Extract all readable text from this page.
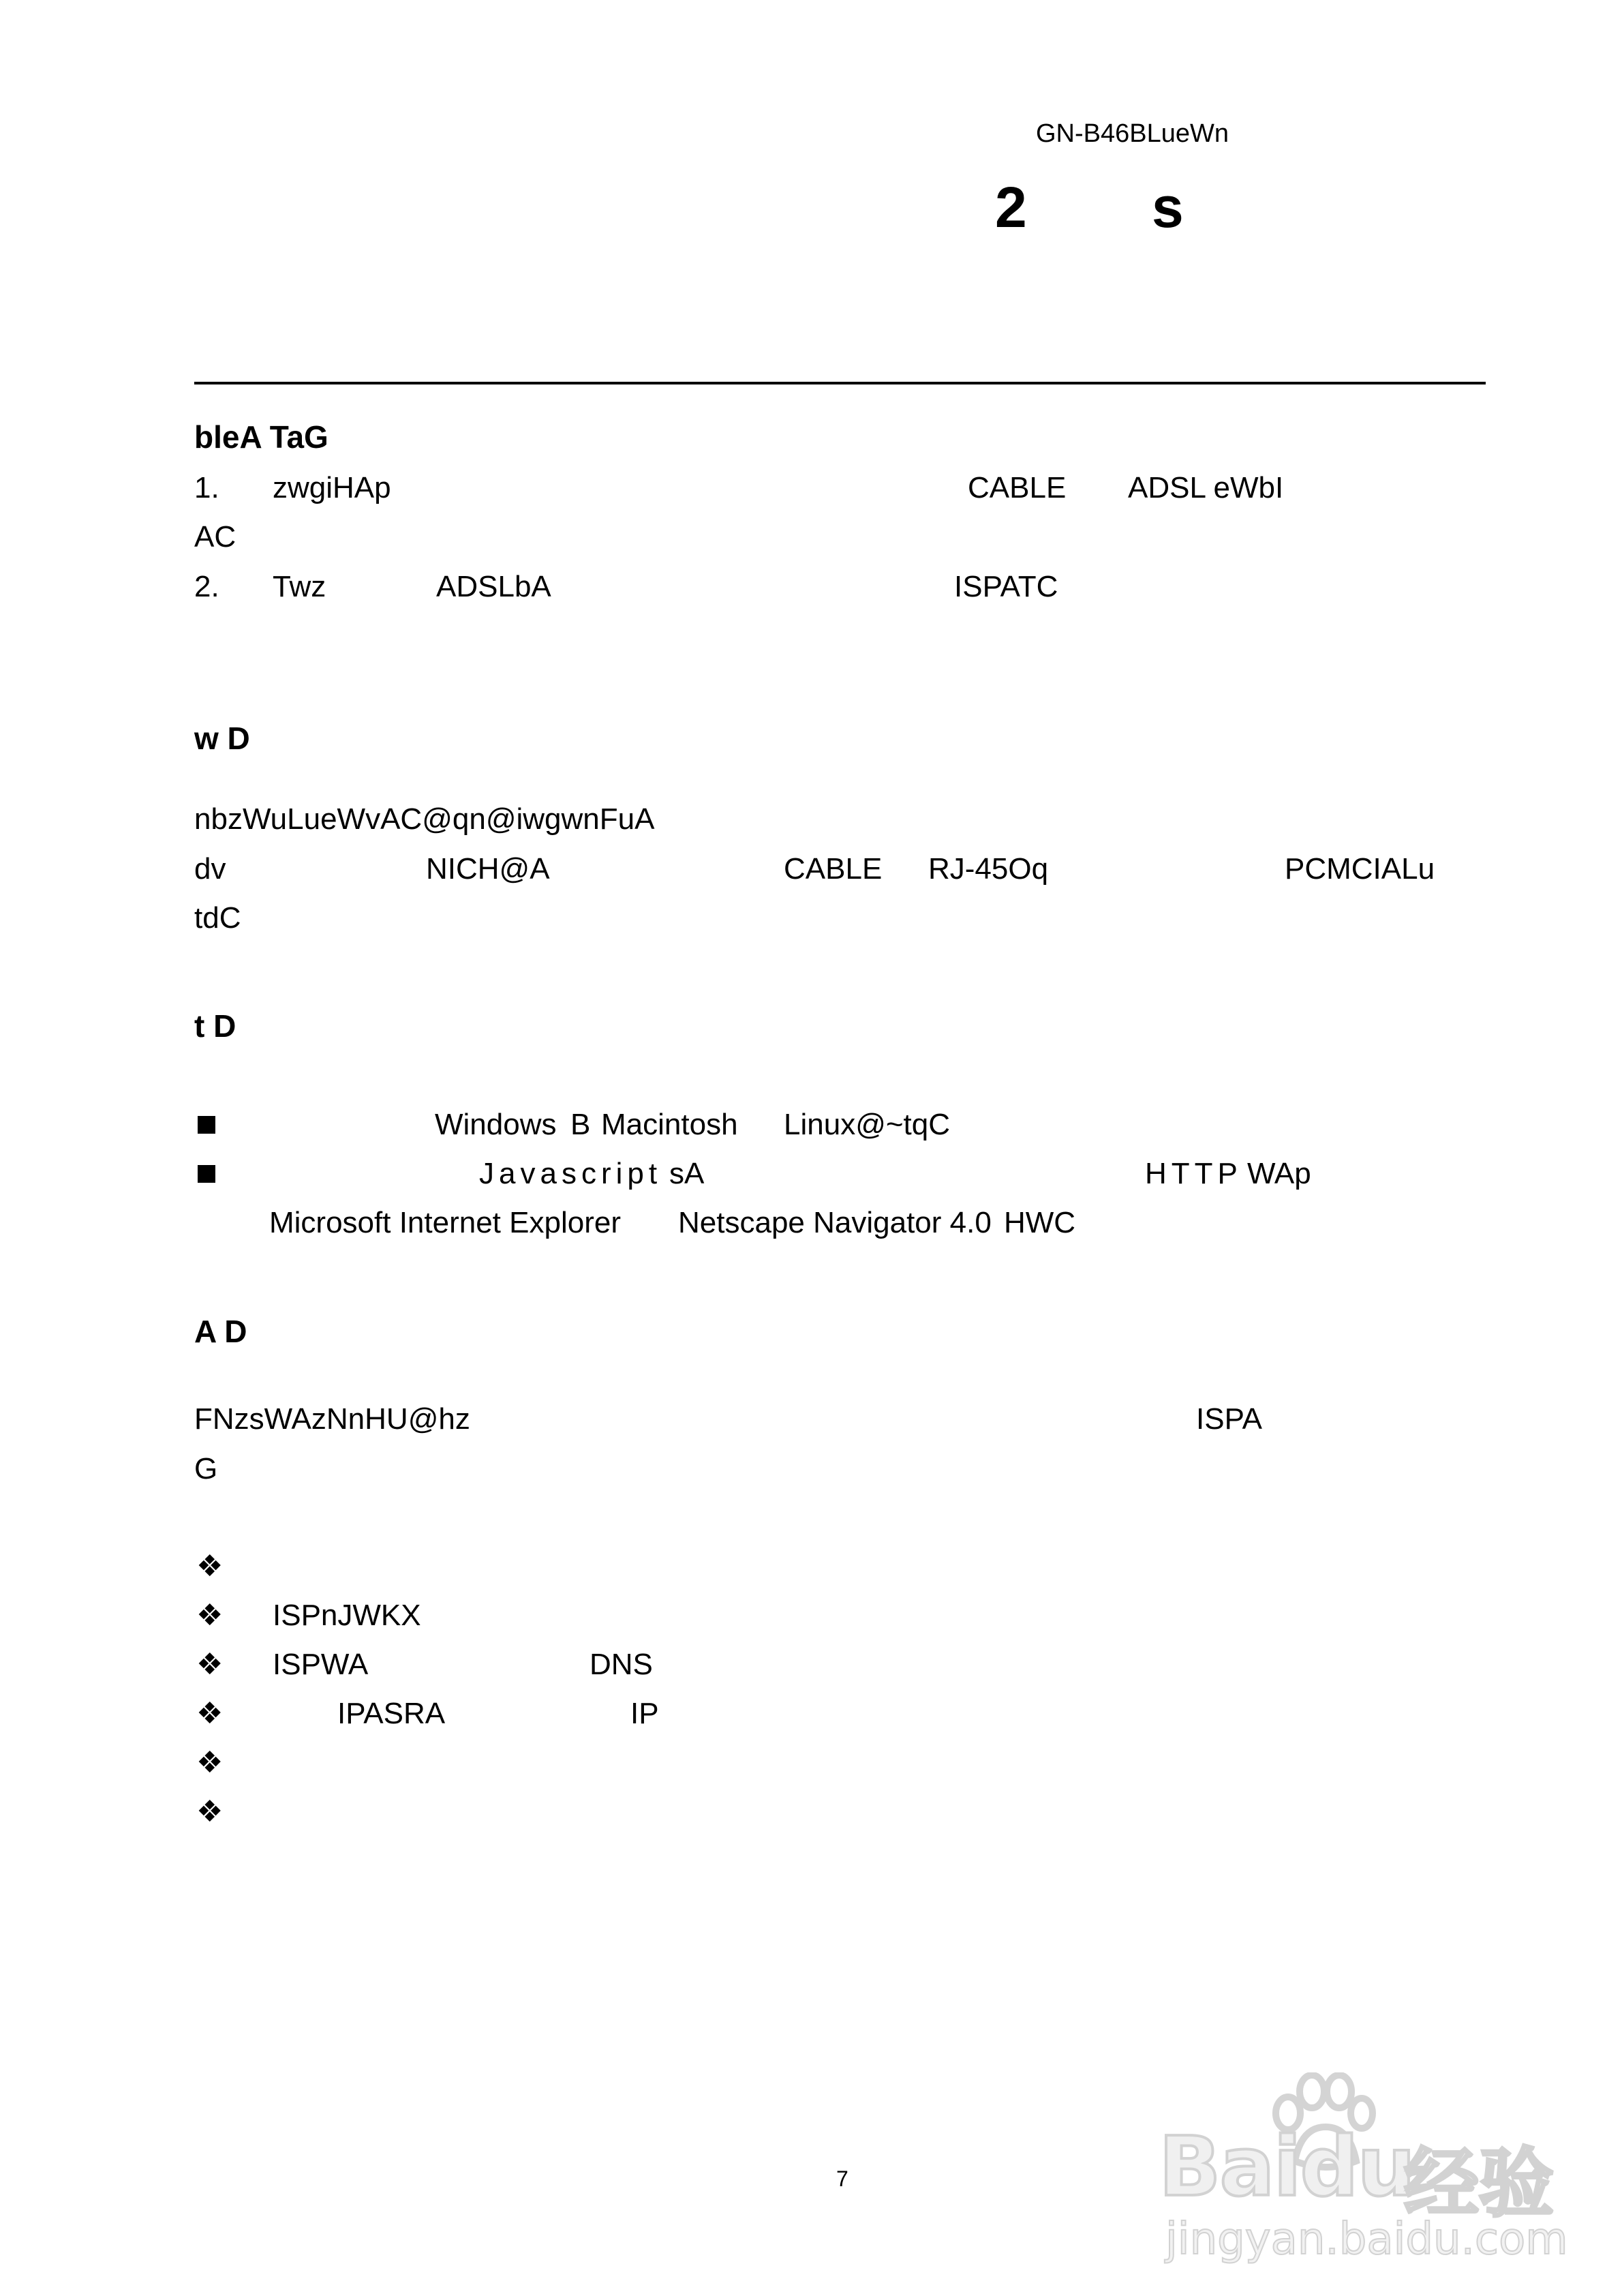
GN-B46BLueWn
2 s
bleA TaG
1. zwgiHAp	CABLE ADSL eWbI
AC
2. Twz	ADSLbA	ISPATC
w D
nbzWuLueWvAC@qn@iwgwnFuA
dv	NICH@A	CABLE RJ-45Oq	PCMCIALu
tdC
t D
Windows B Macintosh Linux@~tqC
Javascript sA	HTTP WAp
Microsoft Internet Explorer Netscape Navigator 4.0 HWC
A D
FNzsWAzNnHU@hz	ISPA
G
❖
❖ ISPnJWKX
❖ ISPWA	DNS
❖	IPASRA	IP
❖
❖
7	Baidu
经验
jingyan.baidu.com
